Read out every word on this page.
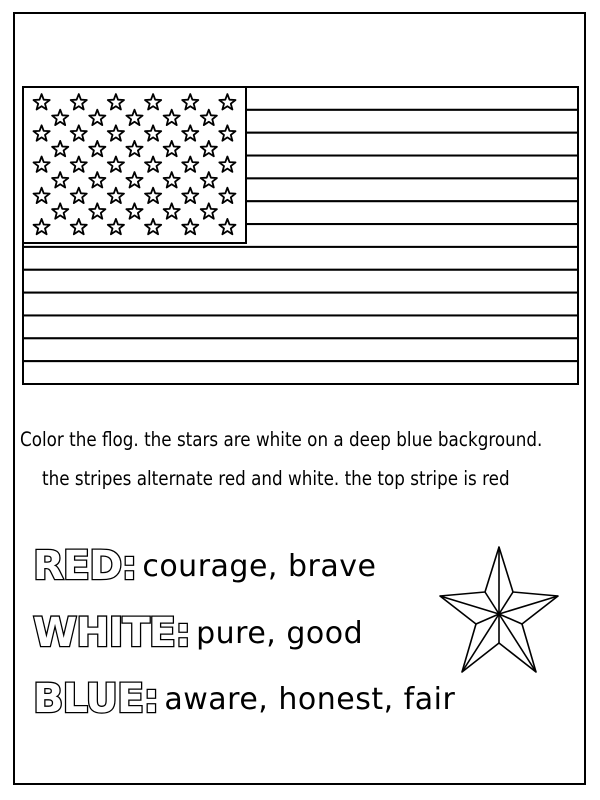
Color the flog. the stars are white on a deep blue background.
the stripes alternate red and white. the top stripe is red
RED: courage, brave
WHITE: pure, good
BLUE: aware, honest, fair
